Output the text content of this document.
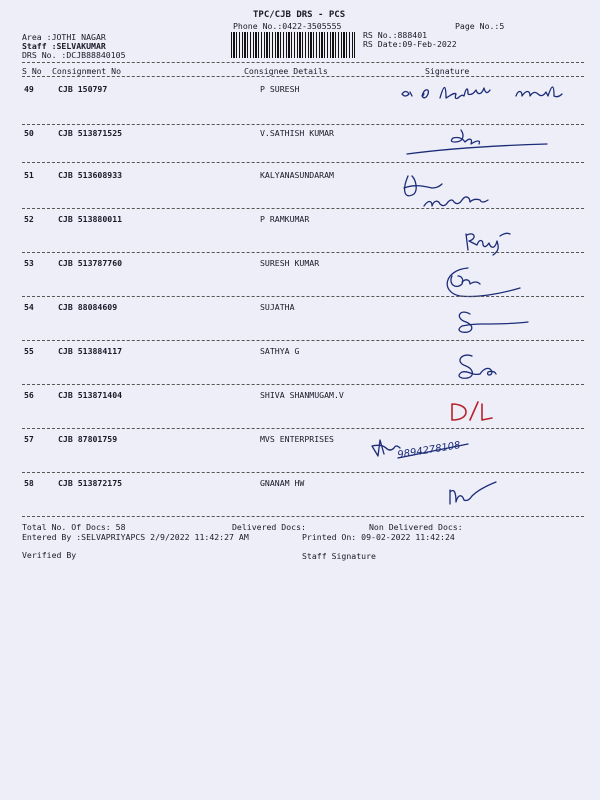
TPC/CJB DRS - PCS
Phone No.:0422-3505555	Page No.:5
Area :JOTHI NAGAR
Staff :SELVAKUMAR
DRS No. :DCJB88840105
RS No.:888401
RS Date:09-Feb-2022
S No Consignment No	Consignee Details	Signature
49	CJB 150797	P SURESH
50	CJB 513871525	V.SATHISH KUMAR
51	CJB 513608933	KALYANASUNDARAM
52	CJB 513880011	P RAMKUMAR
53	CJB 513787760	SURESH KUMAR
54	CJB 88084609	SUJATHA
55	CJB 513884117	SATHYA G
56	CJB 513871404	SHIVA SHANMUGAM.V
57	CJB 87801759	MVS ENTERPRISES
9894278108
58	CJB 513872175	GNANAM HW
Total No. Of Docs: 58	Delivered Docs:	Non Delivered Docs:
Entered By :SELVAPRIYAPCS 2/9/2022 11:42:27 AM	Printed On: 09-02-2022 11:42:24
Verified By	Staff Signature
